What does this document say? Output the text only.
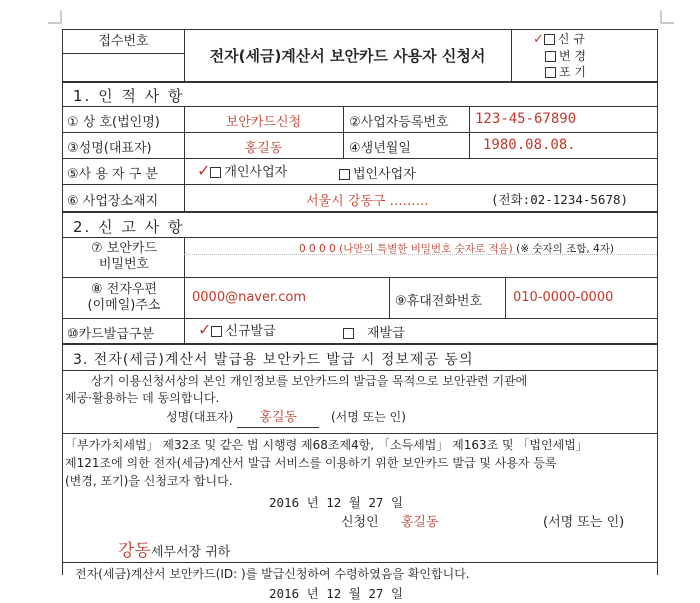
접수번호
전자(세금)계산서 보안카드 사용자 신청서
✓ 신 규
변 경
포 기
1. 인 적 사 항
① 상 호(법인명)	보안카드신청	②사업자등록번호 123-45-67890
③성명(대표자)	홍길동	④생년월일	1980.08.08.
⑤사 용 자 구 분 ✓ 개인사업자	법인사업자
⑥ 사업장소재지	서울시 강동구 ………	(전화:02-1234-5678)
2. 신 고 사 항
⑦ 보안카드
비밀번호
0 0 0 0 (나만의 특별한 비밀번호 숫자로 적음) (※ 숫자의 조합, 4자)
⑧ 전자우편
(이메일)주소
0000@naver.com	⑨휴대전화번호 010-0000-0000
⑩카드발급구분	✓ 신규발급	재발급
3. 전자(세금)계산서 발급용 보안카드 발급 시 정보제공 동의
상기 이용신청서상의 본인 개인정보를 보안카드의 발급을 목적으로 보안관련 기관에
제공·활용하는 데 동의합니다.
성명(대표자) 홍길동	(서명 또는 인)
「부가가치세법」 제32조 및 같은 법 시행령 제68조제4항, 「소득세법」 제163조 및 「법인세법」
제121조에 의한 전자(세금)계산서 발급 서비스를 이용하기 위한 보안카드 발급 및 사용자 등록
(변경, 포기)을 신청코자 합니다.
2016 년 12 월 27 일
신청인 홍길동	(서명 또는 인)
강동세무서장 귀하
전자(세금)계산서 보안카드(ID: )를 발급신청하여 수령하였음을 확인합니다.
2016 년 12 월 27 일
